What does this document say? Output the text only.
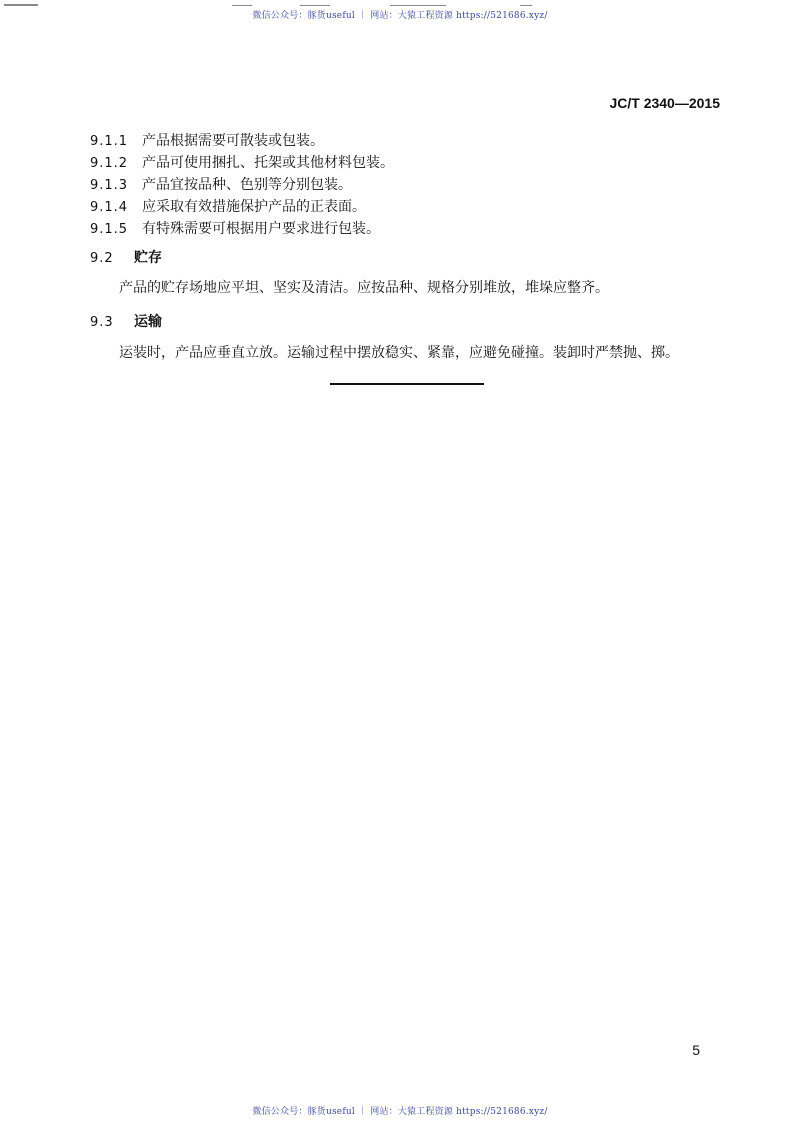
微信公众号：豚货useful ｜ 网站：大猿工程资源 https://521686.xyz/
JC/T 2340—2015
9.1.1 产品根据需要可散装或包装。
9.1.2 产品可使用捆扎、托架或其他材料包装。
9.1.3 产品宜按品种、色别等分别包装。
9.1.4 应采取有效措施保护产品的正表面。
9.1.5 有特殊需要可根据用户要求进行包装。
9.2	贮存
产品的贮存场地应平坦、坚实及清洁。应按品种、规格分别堆放，堆垛应整齐。
9.3	运输
运装时，产品应垂直立放。运输过程中摆放稳实、紧靠，应避免碰撞。装卸时严禁抛、掷。
5
微信公众号：豚货useful ｜ 网站：大猿工程资源 https://521686.xyz/
